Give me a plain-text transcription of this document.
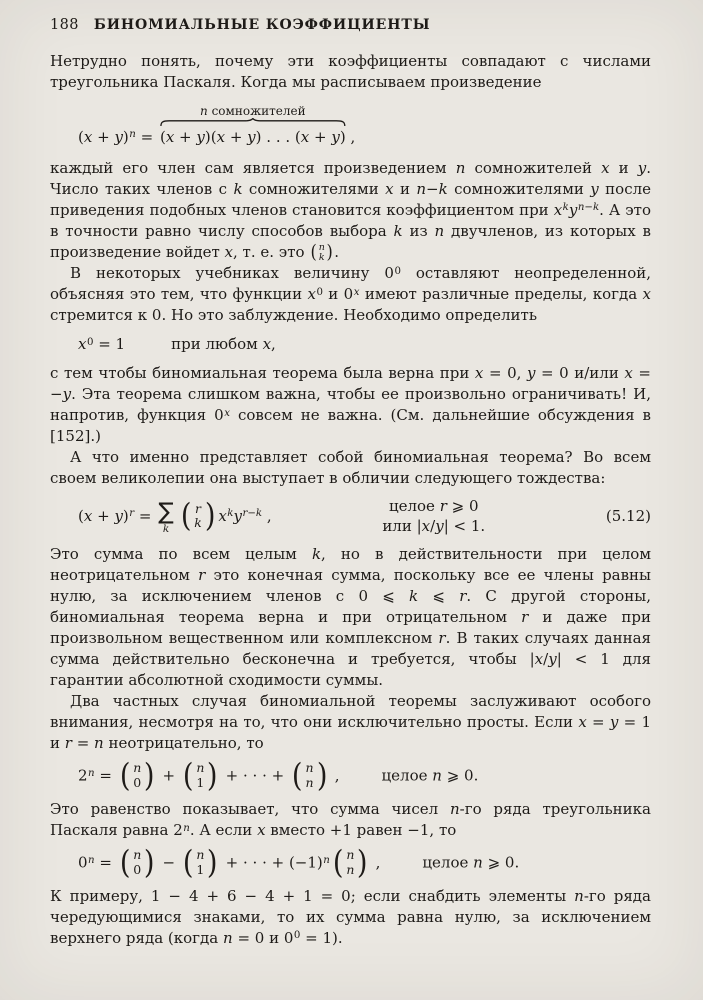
188 БИНОМИАЛЬНЫЕ КОЭФФИЦИЕНТЫ

Нетрудно понять, почему эти коэффициенты совпадают с числами треугольника Паскаля. Когда мы расписываем произведение

$(x + y)^n$ =
n сомножителей
(x + y)(x + y) . . . (x + y) ,

каждый его член сам является произведением n сомножителей x и y. Число таких членов с k сомножителями x и n−k сомножителями y после приведения подобных членов становится коэффициентом при $x^ky^{n-k}$. А это в точности равно числу способов выбора k из n двучленов, из которых в произведение войдет x, т. е. это ( n
k ) .

В некоторых учебниках величину $0^0$ оставляют неопределенной, объясняя это тем, что функции $x^0$ и 0$^x$ имеют различные пределы, когда x стремится к 0. Но это заблуждение. Необходимо определить

$x^0 = 1$	при любом x,

с тем чтобы биномиальная теорема была верна при x = 0, y = 0 и/или x = −y. Эта теорема слишком важна, чтобы ее произвольно ограничивать! И, напротив, функция 0$^x$ совсем не важна. (См. дальнейшие обсуждения в [152].)

А что именно представляет собой биномиальная теорема? Во всем своем великолепии она выступает в обличии следующего тождества:

$(x + y)^r$ = ∑
k ( r
k ) $x^ky^{r-k}$ ,
целое r ⩾ 0
или |x/y| < 1.
(5.12)

Это сумма по всем целым k, но в действительности при целом неотрицательном r это конечная сумма, поскольку все ее члены равны нулю, за исключением членов с 0 ⩽ k ⩽ r. С другой стороны, биномиальная теорема верна и при отрицательном r и даже при произвольном вещественном или комплексном r. В таких случаях данная сумма действительно бесконечна и требуется, чтобы |x/y| < 1 для гарантии абсолютной сходимости суммы.

Два частных случая биномиальной теоремы заслуживают особого внимания, несмотря на то, что они исключительно просты. Если x = y = 1 и r = n неотрицательно, то

$2^n$ = ( n
0 ) + ( n
1 ) + · · · + ( n
n ) ,	целое n ⩾ 0.

Это равенство показывает, что сумма чисел n-го ряда треугольника Паскаля равна 2$^n$. А если x вместо +1 равен −1, то

$0^n$ = ( n
0 ) − ( n
1 ) + · · · + $(-1)^n$ ( n
n ) ,	целое n ⩾ 0.

К примеру, 1 − 4 + 6 − 4 + 1 = 0; если снабдить элементы n-го ряда чередующимися знаками, то их сумма равна нулю, за исключением верхнего ряда (когда n = 0 и $0^0 = 1$).
